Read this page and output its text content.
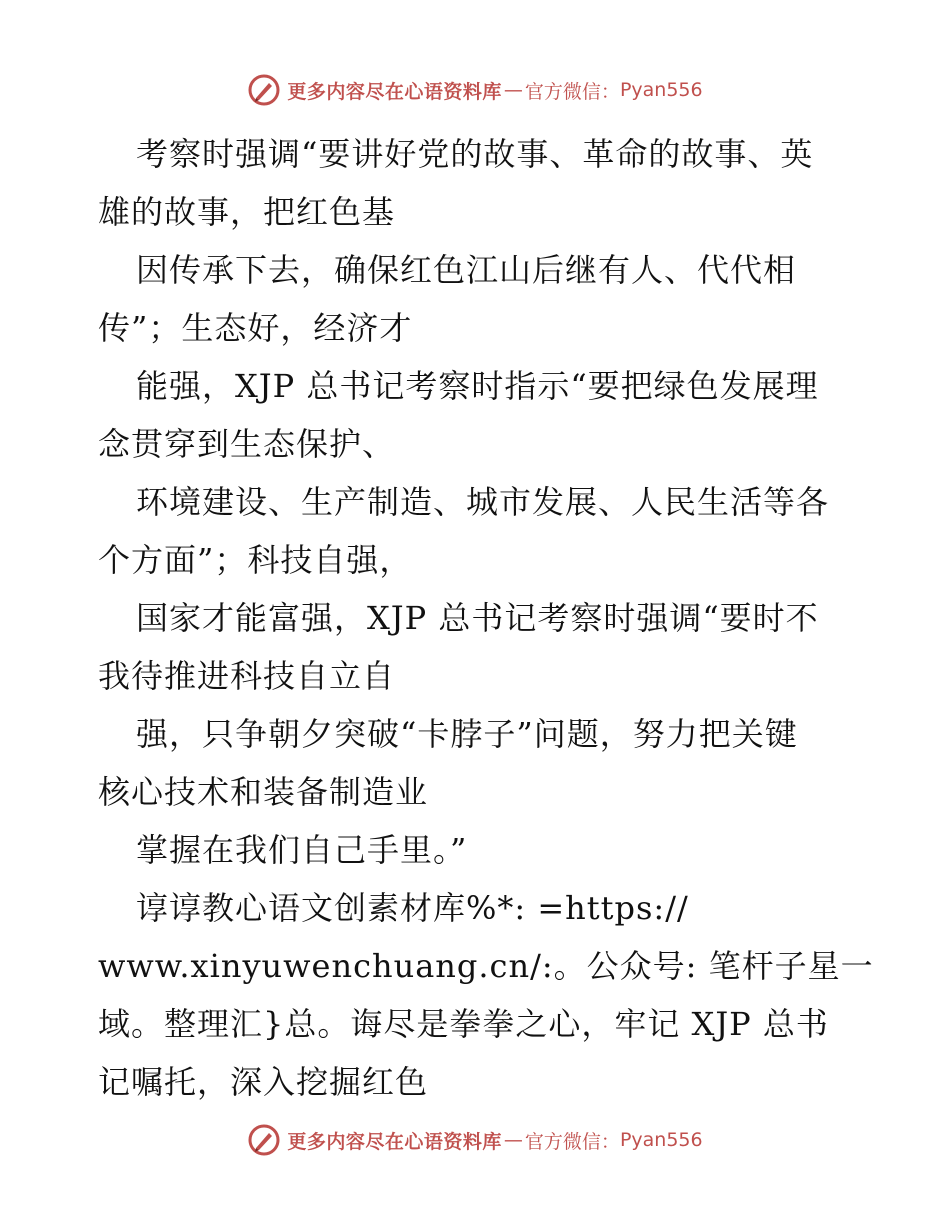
更多内容尽在心语资料库 — 官方微信： Pyan556
考察时强调“要讲好党的故事、革命的故事、英
雄的故事，把红色基
因传承下去，确保红色江山后继有人、代代相
传”；生态好，经济才
能强，XJP 总书记考察时指示“要把绿色发展理
念贯穿到生态保护、
环境建设、生产制造、城市发展、人民生活等各
个方面”；科技自强，
国家才能富强，XJP 总书记考察时强调“要时不
我待推进科技自立自
强，只争朝夕突破“卡脖子”问题，努力把关键
核心技术和装备制造业
掌握在我们自己手里。”
谆谆教心语文创素材库%*: =https://
www.xinyuwenchuang.cn/:。公众号: 笔杆子星一
域。整理汇}总。诲尽是拳拳之心，牢记 XJP 总书
记嘱托，深入挖掘红色
更多内容尽在心语资料库 — 官方微信： Pyan556
